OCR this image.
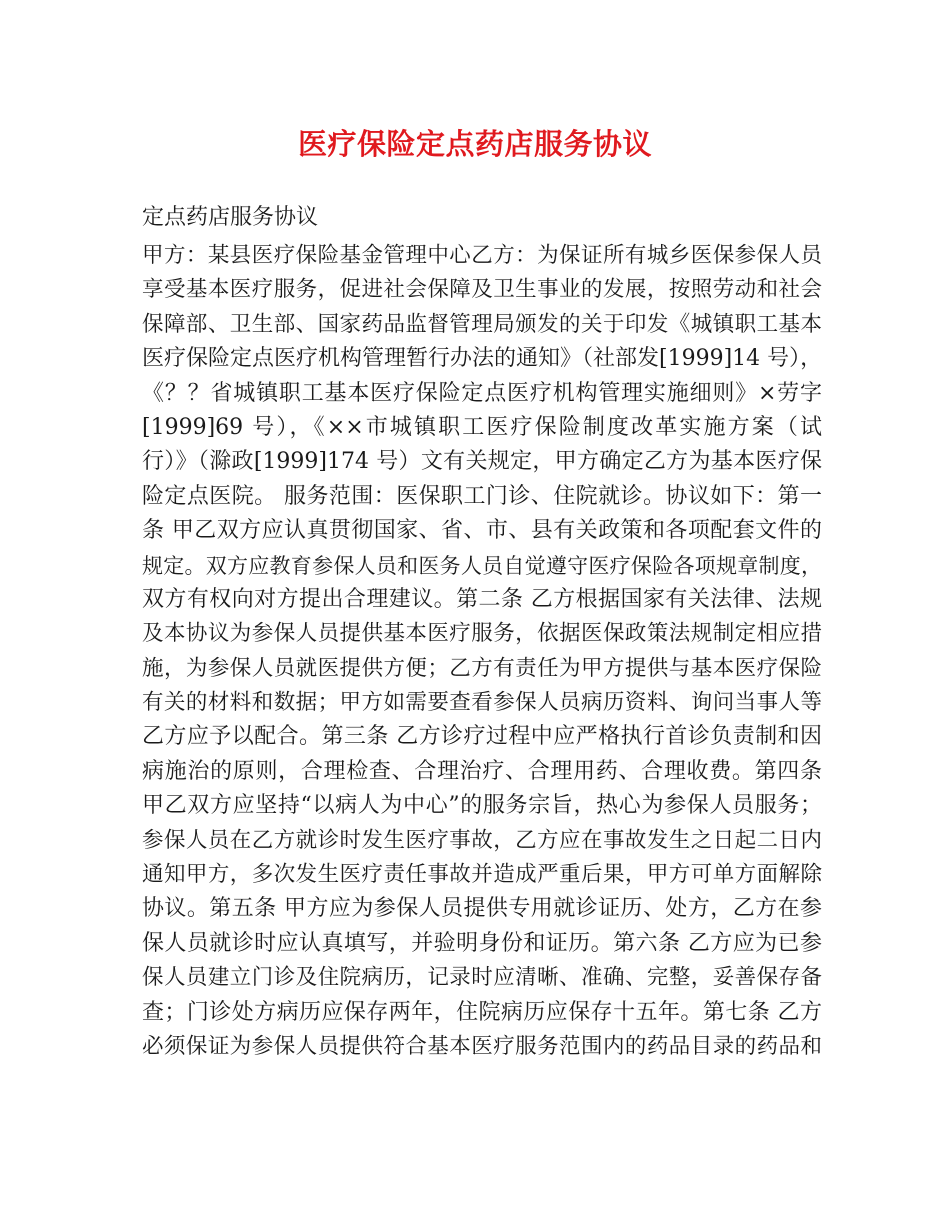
医疗保险定点药店服务协议
定点药店服务协议
甲方：某县医疗保险基金管理中心乙方：为保证所有城乡医保参保人员
享受基本医疗服务，促进社会保障及卫生事业的发展，按照劳动和社会
保障部、卫生部、国家药品监督管理局颁发的关于印发《城镇职工基本
医疗保险定点医疗机构管理暂行办法的通知》（社部发[1999]14 号），
《？？省城镇职工基本医疗保险定点医疗机构管理实施细则》×劳字
[1999]69 号），《××市城镇职工医疗保险制度改革实施方案（试
行）》（滁政[1999]174 号）文有关规定，甲方确定乙方为基本医疗保
险定点医院。 服务范围：医保职工门诊、住院就诊。协议如下：第一
条 甲乙双方应认真贯彻国家、省、市、县有关政策和各项配套文件的
规定。双方应教育参保人员和医务人员自觉遵守医疗保险各项规章制度，
双方有权向对方提出合理建议。第二条 乙方根据国家有关法律、法规
及本协议为参保人员提供基本医疗服务，依据医保政策法规制定相应措
施，为参保人员就医提供方便；乙方有责任为甲方提供与基本医疗保险
有关的材料和数据；甲方如需要查看参保人员病历资料、询问当事人等
乙方应予以配合。第三条 乙方诊疗过程中应严格执行首诊负责制和因
病施治的原则，合理检查、合理治疗、合理用药、合理收费。第四条
甲乙双方应坚持“以病人为中心”的服务宗旨，热心为参保人员服务；
参保人员在乙方就诊时发生医疗事故，乙方应在事故发生之日起二日内
通知甲方，多次发生医疗责任事故并造成严重后果，甲方可单方面解除
协议。第五条 甲方应为参保人员提供专用就诊证历、处方，乙方在参
保人员就诊时应认真填写，并验明身份和证历。第六条 乙方应为已参
保人员建立门诊及住院病历，记录时应清晰、准确、完整，妥善保存备
查；门诊处方病历应保存两年，住院病历应保存十五年。第七条 乙方
必须保证为参保人员提供符合基本医疗服务范围内的药品目录的药品和
